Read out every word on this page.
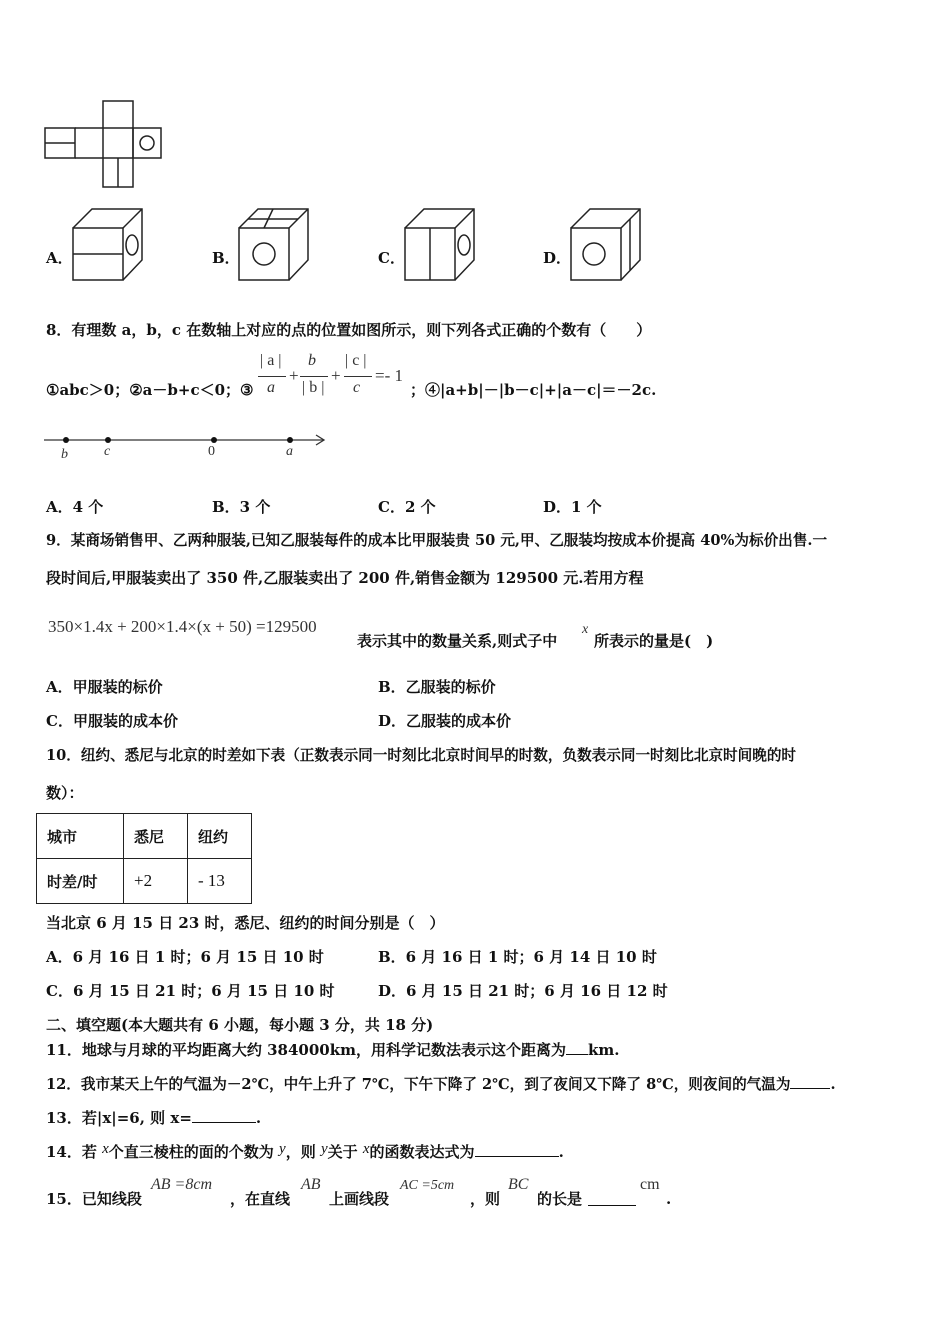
A．	B．	C．	D．
8．有理数 a，b，c 在数轴上对应的点的位置如图所示，则下列各式正确的个数有（　　）
①abc＞0；②a－b+c＜0；③
| a |
a
+
b
| b |
+
| c |
c
=- 1
；④|a+b|－|b－c|+|a－c|＝－2c.
b	c	0	a
A．4 个	B．3 个	C．2 个	D．1 个
9．某商场销售甲、乙两种服装,已知乙服装每件的成本比甲服装贵 50 元,甲、乙服装均按成本价提高 40%为标价出售.一
段时间后,甲服装卖出了 350 件,乙服装卖出了 200 件,销售金额为 129500 元.若用方程
350×1.4x + 200×1.4×(x + 50) =129500
表示其中的数量关系,则式子中
x
所表示的量是(　)
A．甲服装的标价	B．乙服装的标价
C．甲服装的成本价	D．乙服装的成本价
10．纽约、悉尼与北京的时差如下表（正数表示同一时刻比北京时间早的时数，负数表示同一时刻比北京时间晚的时
数）：
城市	悉尼	纽约
时差/时	+2	- 13
当北京 6 月 15 日 23 时，悉尼、纽约的时间分别是（　）
A．6 月 16 日 1 时；6 月 15 日 10 时	B．6 月 16 日 1 时；6 月 14 日 10 时
C．6 月 15 日 21 时；6 月 15 日 10 时	D．6 月 15 日 21 时；6 月 16 日 12 时
二、填空题(本大题共有 6 小题，每小题 3 分，共 18 分)
11．地球与月球的平均距离大约 384000km，用科学记数法表示这个距离为 km.
12．我市某天上午的气温为－2℃，中午上升了 7℃，下午下降了 2℃，到了夜间又下降了 8℃，则夜间的气温为	.
13．若|x|=6, 则 x=	.
14．若 x个直三棱柱的面的个数为 y，则 y关于 x的函数表达式为	.
15．已知线段
AB =8cm
，在直线
AB
上画线段
AC =5cm
，则
BC
的长是
cm
.
